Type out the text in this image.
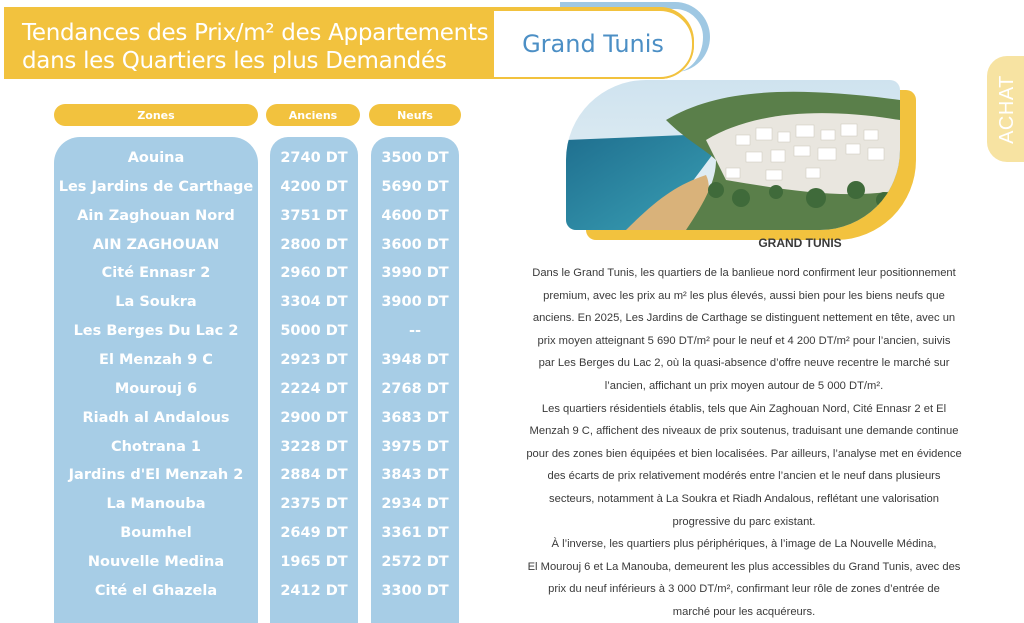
Tendances des Prix/m² des Appartements
dans les Quartiers les plus Demandés
Grand Tunis
ACHAT
Zones	Anciens	Neufs
Aouina	2740 DT	3500 DT
Les Jardins de Carthage	4200 DT	5690 DT
Ain Zaghouan Nord	3751 DT	4600 DT
AIN ZAGHOUAN	2800 DT	3600 DT
Cité Ennasr 2	2960 DT	3990 DT
La Soukra	3304 DT	3900 DT
Les Berges Du Lac 2	5000 DT	--
El Menzah 9 C	2923 DT	3948 DT
Mourouj 6	2224 DT	2768 DT
Riadh al Andalous	2900 DT	3683 DT
Chotrana 1	3228 DT	3975 DT
Jardins d'El Menzah 2	2884 DT	3843 DT
La Manouba	2375 DT	2934 DT
Boumhel	2649 DT	3361 DT
Nouvelle Medina	1965 DT	2572 DT
Cité el Ghazela	2412 DT	3300 DT
GRAND TUNIS

Dans le Grand Tunis, les quartiers de la banlieue nord confirment leur positionnement

premium, avec les prix au m² les plus élevés, aussi bien pour les biens neufs que

anciens. En 2025, Les Jardins de Carthage se distinguent nettement en tête, avec un

prix moyen atteignant 5 690 DT/m² pour le neuf et 4 200 DT/m² pour l’ancien, suivis

par Les Berges du Lac 2, où la quasi-absence d’offre neuve recentre le marché sur

l’ancien, affichant un prix moyen autour de 5 000 DT/m².

Les quartiers résidentiels établis, tels que Ain Zaghouan Nord, Cité Ennasr 2 et El

Menzah 9 C, affichent des niveaux de prix soutenus, traduisant une demande continue

pour des zones bien équipées et bien localisées. Par ailleurs, l’analyse met en évidence

des écarts de prix relativement modérés entre l’ancien et le neuf dans plusieurs

secteurs, notamment à La Soukra et Riadh Andalous, reflétant une valorisation

progressive du parc existant.

À l’inverse, les quartiers plus périphériques, à l’image de La Nouvelle Médina,

El Mourouj 6 et La Manouba, demeurent les plus accessibles du Grand Tunis, avec des

prix du neuf inférieurs à 3 000 DT/m², confirmant leur rôle de zones d’entrée de

marché pour les acquéreurs.
